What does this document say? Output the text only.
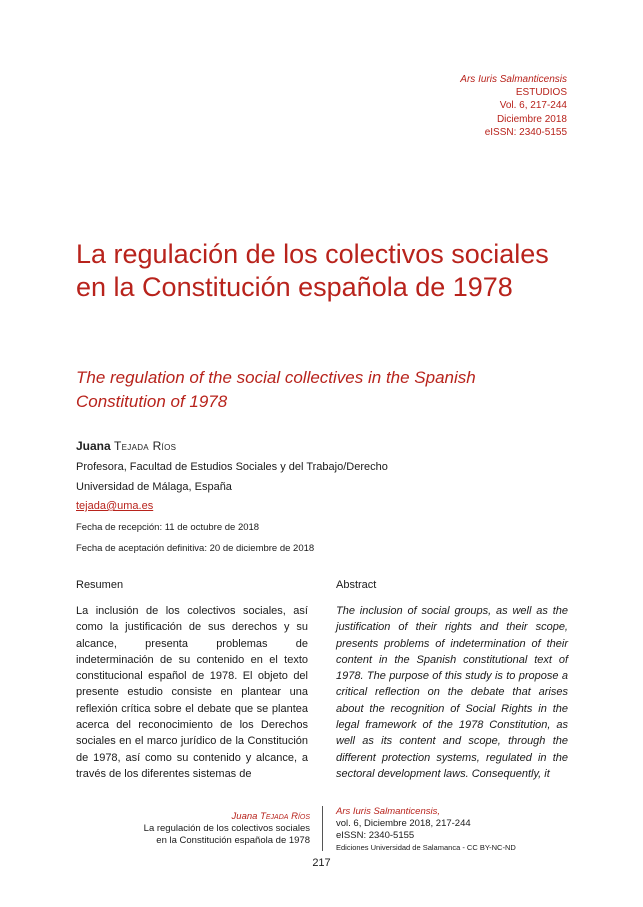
Ars Iuris Salmanticensis
ESTUDIOS
Vol. 6, 217-244
Diciembre 2018
eISSN: 2340-5155
La regulación de los colectivos sociales en la Constitución española de 1978
The regulation of the social collectives in the Spanish Constitution of 1978
Juana Tejada Ríos
Profesora, Facultad de Estudios Sociales y del Trabajo/Derecho
Universidad de Málaga, España
tejada@uma.es
Fecha de recepción: 11 de octubre de 2018
Fecha de aceptación definitiva: 20 de diciembre de 2018
Resumen	Abstract
La inclusión de los colectivos sociales, así como la justificación de sus derechos y su alcance, presenta problemas de indeterminación de su contenido en el texto constitucional español de 1978. El objeto del presente estudio consiste en plantear una reflexión crítica sobre el debate que se plantea acerca del reconocimiento de los Derechos sociales en el marco jurídico de la Constitución de 1978, así como su contenido y alcance, a través de los diferentes sistemas de
The inclusion of social groups, as well as the justification of their rights and their scope, presents problems of indetermination of their content in the Spanish constitutional text of 1978. The purpose of this study is to propose a critical reflection on the debate that arises about the recognition of Social Rights in the legal framework of the 1978 Constitution, as well as its content and scope, through the different protection systems, regulated in the sectoral development laws. Consequently, it
Juana Tejada Ríos
La regulación de los colectivos sociales
en la Constitución española de 1978
Ars Iuris Salmanticensis,
vol. 6, Diciembre 2018, 217-244
eISSN: 2340-5155
Ediciones Universidad de Salamanca - CC BY-NC-ND
217
